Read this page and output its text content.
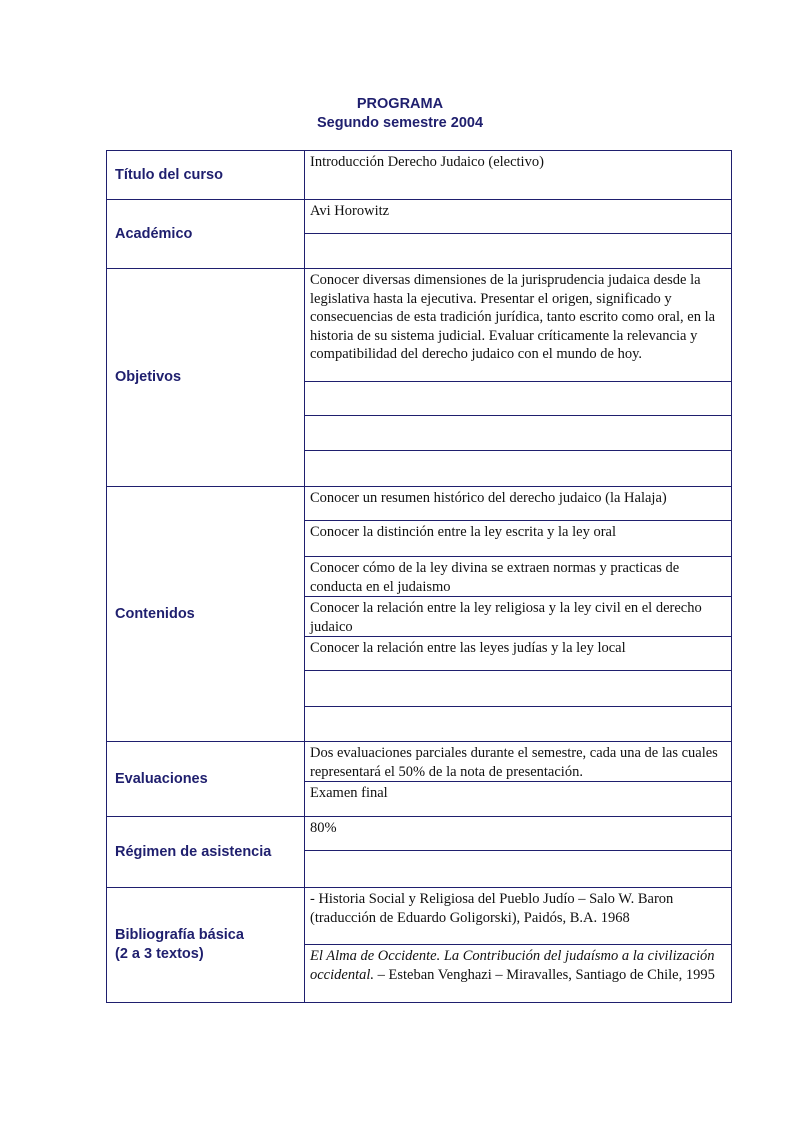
PROGRAMA
Segundo semestre 2004
Título del curso	Introducción Derecho Judaico (electivo)
Académico	Avi Horowitz

Objetivos	Conocer diversas dimensiones de la jurisprudencia judaica desde la legislativa hasta la ejecutiva. Presentar el origen, significado y consecuencias de esta tradición jurídica, tanto escrito como oral, en la historia de su sistema judicial. Evaluar críticamente la relevancia y compatibilidad del derecho judaico con el mundo de hoy.

Contenidos	Conocer un resumen histórico del derecho judaico (la Halaja)
	Conocer la distinción entre la ley escrita y la ley oral
	Conocer cómo de la ley divina se extraen normas y practicas de conducta en el judaismo
	Conocer la relación entre la ley religiosa y la ley civil en el derecho judaico
	Conocer la relación entre las leyes judías y la ley local

Evaluaciones	Dos evaluaciones parciales durante el semestre, cada una de las cuales representará el 50% de la nota de presentación.
	Examen final
Régimen de asistencia	80%

Bibliografía básica
(2 a 3 textos)	- Historia Social y Religiosa del Pueblo Judío – Salo W. Baron (traducción de Eduardo Goligorski), Paidós, B.A. 1968
	El Alma de Occidente. La Contribución del judaísmo a la civilización occidental. – Esteban Venghazi – Miravalles, Santiago de Chile, 1995
